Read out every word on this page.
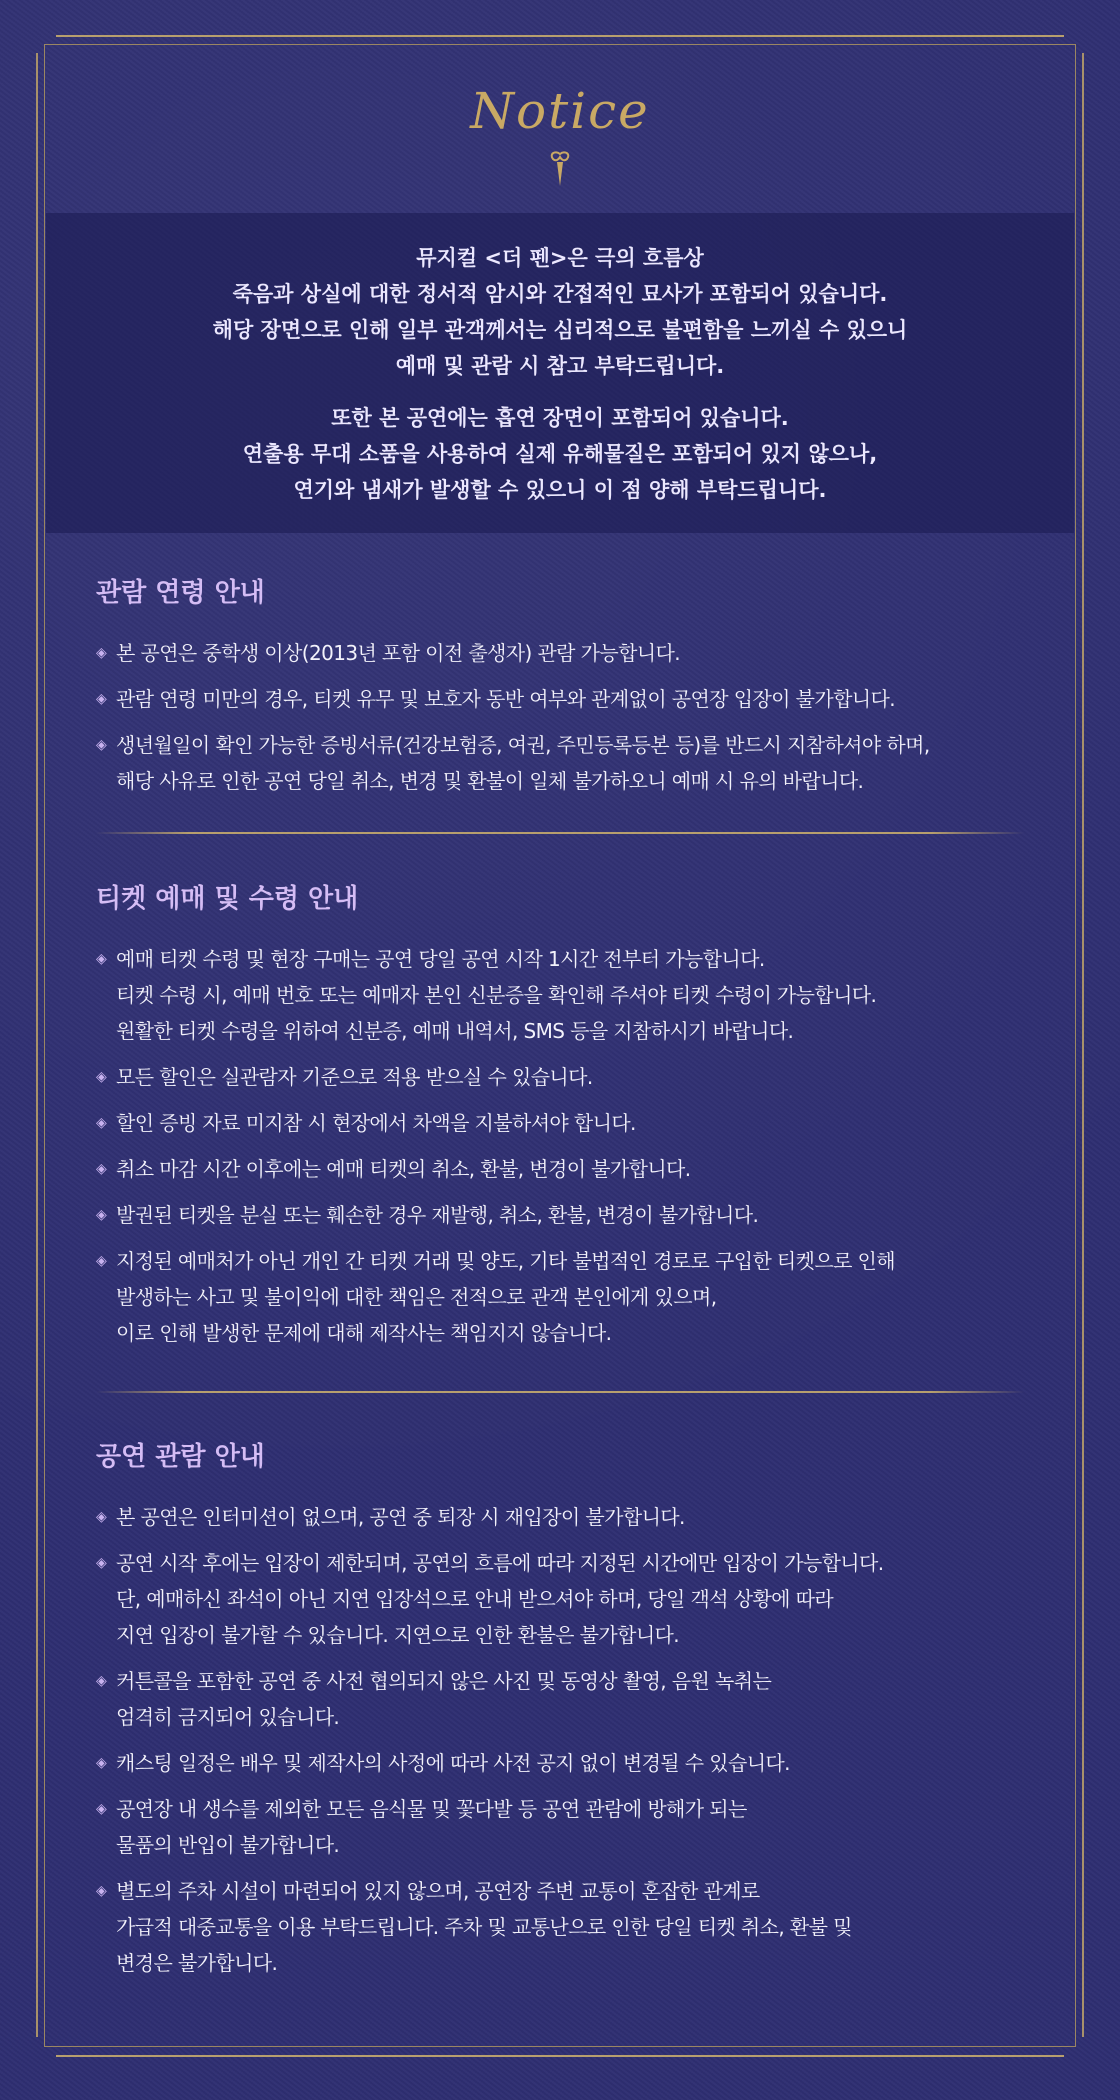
Notice

뮤지컬 <더 펜>은 극의 흐름상
죽음과 상실에 대한 정서적 암시와 간접적인 묘사가 포함되어 있습니다.
해당 장면으로 인해 일부 관객께서는 심리적으로 불편함을 느끼실 수 있으니
예매 및 관람 시 참고 부탁드립니다.

또한 본 공연에는 흡연 장면이 포함되어 있습니다.
연출용 무대 소품을 사용하여 실제 유해물질은 포함되어 있지 않으나,
연기와 냄새가 발생할 수 있으니 이 점 양해 부탁드립니다.

관람 연령 안내
◈ 본 공연은 중학생 이상(2013년 포함 이전 출생자) 관람 가능합니다.
◈ 관람 연령 미만의 경우, 티켓 유무 및 보호자 동반 여부와 관계없이 공연장 입장이 불가합니다.
◈ 생년월일이 확인 가능한 증빙서류(건강보험증, 여권, 주민등록등본 등)를 반드시 지참하셔야 하며,
해당 사유로 인한 공연 당일 취소, 변경 및 환불이 일체 불가하오니 예매 시 유의 바랍니다.
티켓 예매 및 수령 안내
◈ 예매 티켓 수령 및 현장 구매는 공연 당일 공연 시작 1시간 전부터 가능합니다.
티켓 수령 시, 예매 번호 또는 예매자 본인 신분증을 확인해 주셔야 티켓 수령이 가능합니다.
원활한 티켓 수령을 위하여 신분증, 예매 내역서, SMS 등을 지참하시기 바랍니다.
◈ 모든 할인은 실관람자 기준으로 적용 받으실 수 있습니다.
◈ 할인 증빙 자료 미지참 시 현장에서 차액을 지불하셔야 합니다.
◈ 취소 마감 시간 이후에는 예매 티켓의 취소, 환불, 변경이 불가합니다.
◈ 발권된 티켓을 분실 또는 훼손한 경우 재발행, 취소, 환불, 변경이 불가합니다.
◈ 지정된 예매처가 아닌 개인 간 티켓 거래 및 양도, 기타 불법적인 경로로 구입한 티켓으로 인해
발생하는 사고 및 불이익에 대한 책임은 전적으로 관객 본인에게 있으며,
이로 인해 발생한 문제에 대해 제작사는 책임지지 않습니다.
공연 관람 안내
◈ 본 공연은 인터미션이 없으며, 공연 중 퇴장 시 재입장이 불가합니다.
◈ 공연 시작 후에는 입장이 제한되며, 공연의 흐름에 따라 지정된 시간에만 입장이 가능합니다.
단, 예매하신 좌석이 아닌 지연 입장석으로 안내 받으셔야 하며, 당일 객석 상황에 따라
지연 입장이 불가할 수 있습니다. 지연으로 인한 환불은 불가합니다.
◈ 커튼콜을 포함한 공연 중 사전 협의되지 않은 사진 및 동영상 촬영, 음원 녹취는
엄격히 금지되어 있습니다.
◈ 캐스팅 일정은 배우 및 제작사의 사정에 따라 사전 공지 없이 변경될 수 있습니다.
◈ 공연장 내 생수를 제외한 모든 음식물 및 꽃다발 등 공연 관람에 방해가 되는
물품의 반입이 불가합니다.
◈ 별도의 주차 시설이 마련되어 있지 않으며, 공연장 주변 교통이 혼잡한 관계로
가급적 대중교통을 이용 부탁드립니다. 주차 및 교통난으로 인한 당일 티켓 취소, 환불 및
변경은 불가합니다.
